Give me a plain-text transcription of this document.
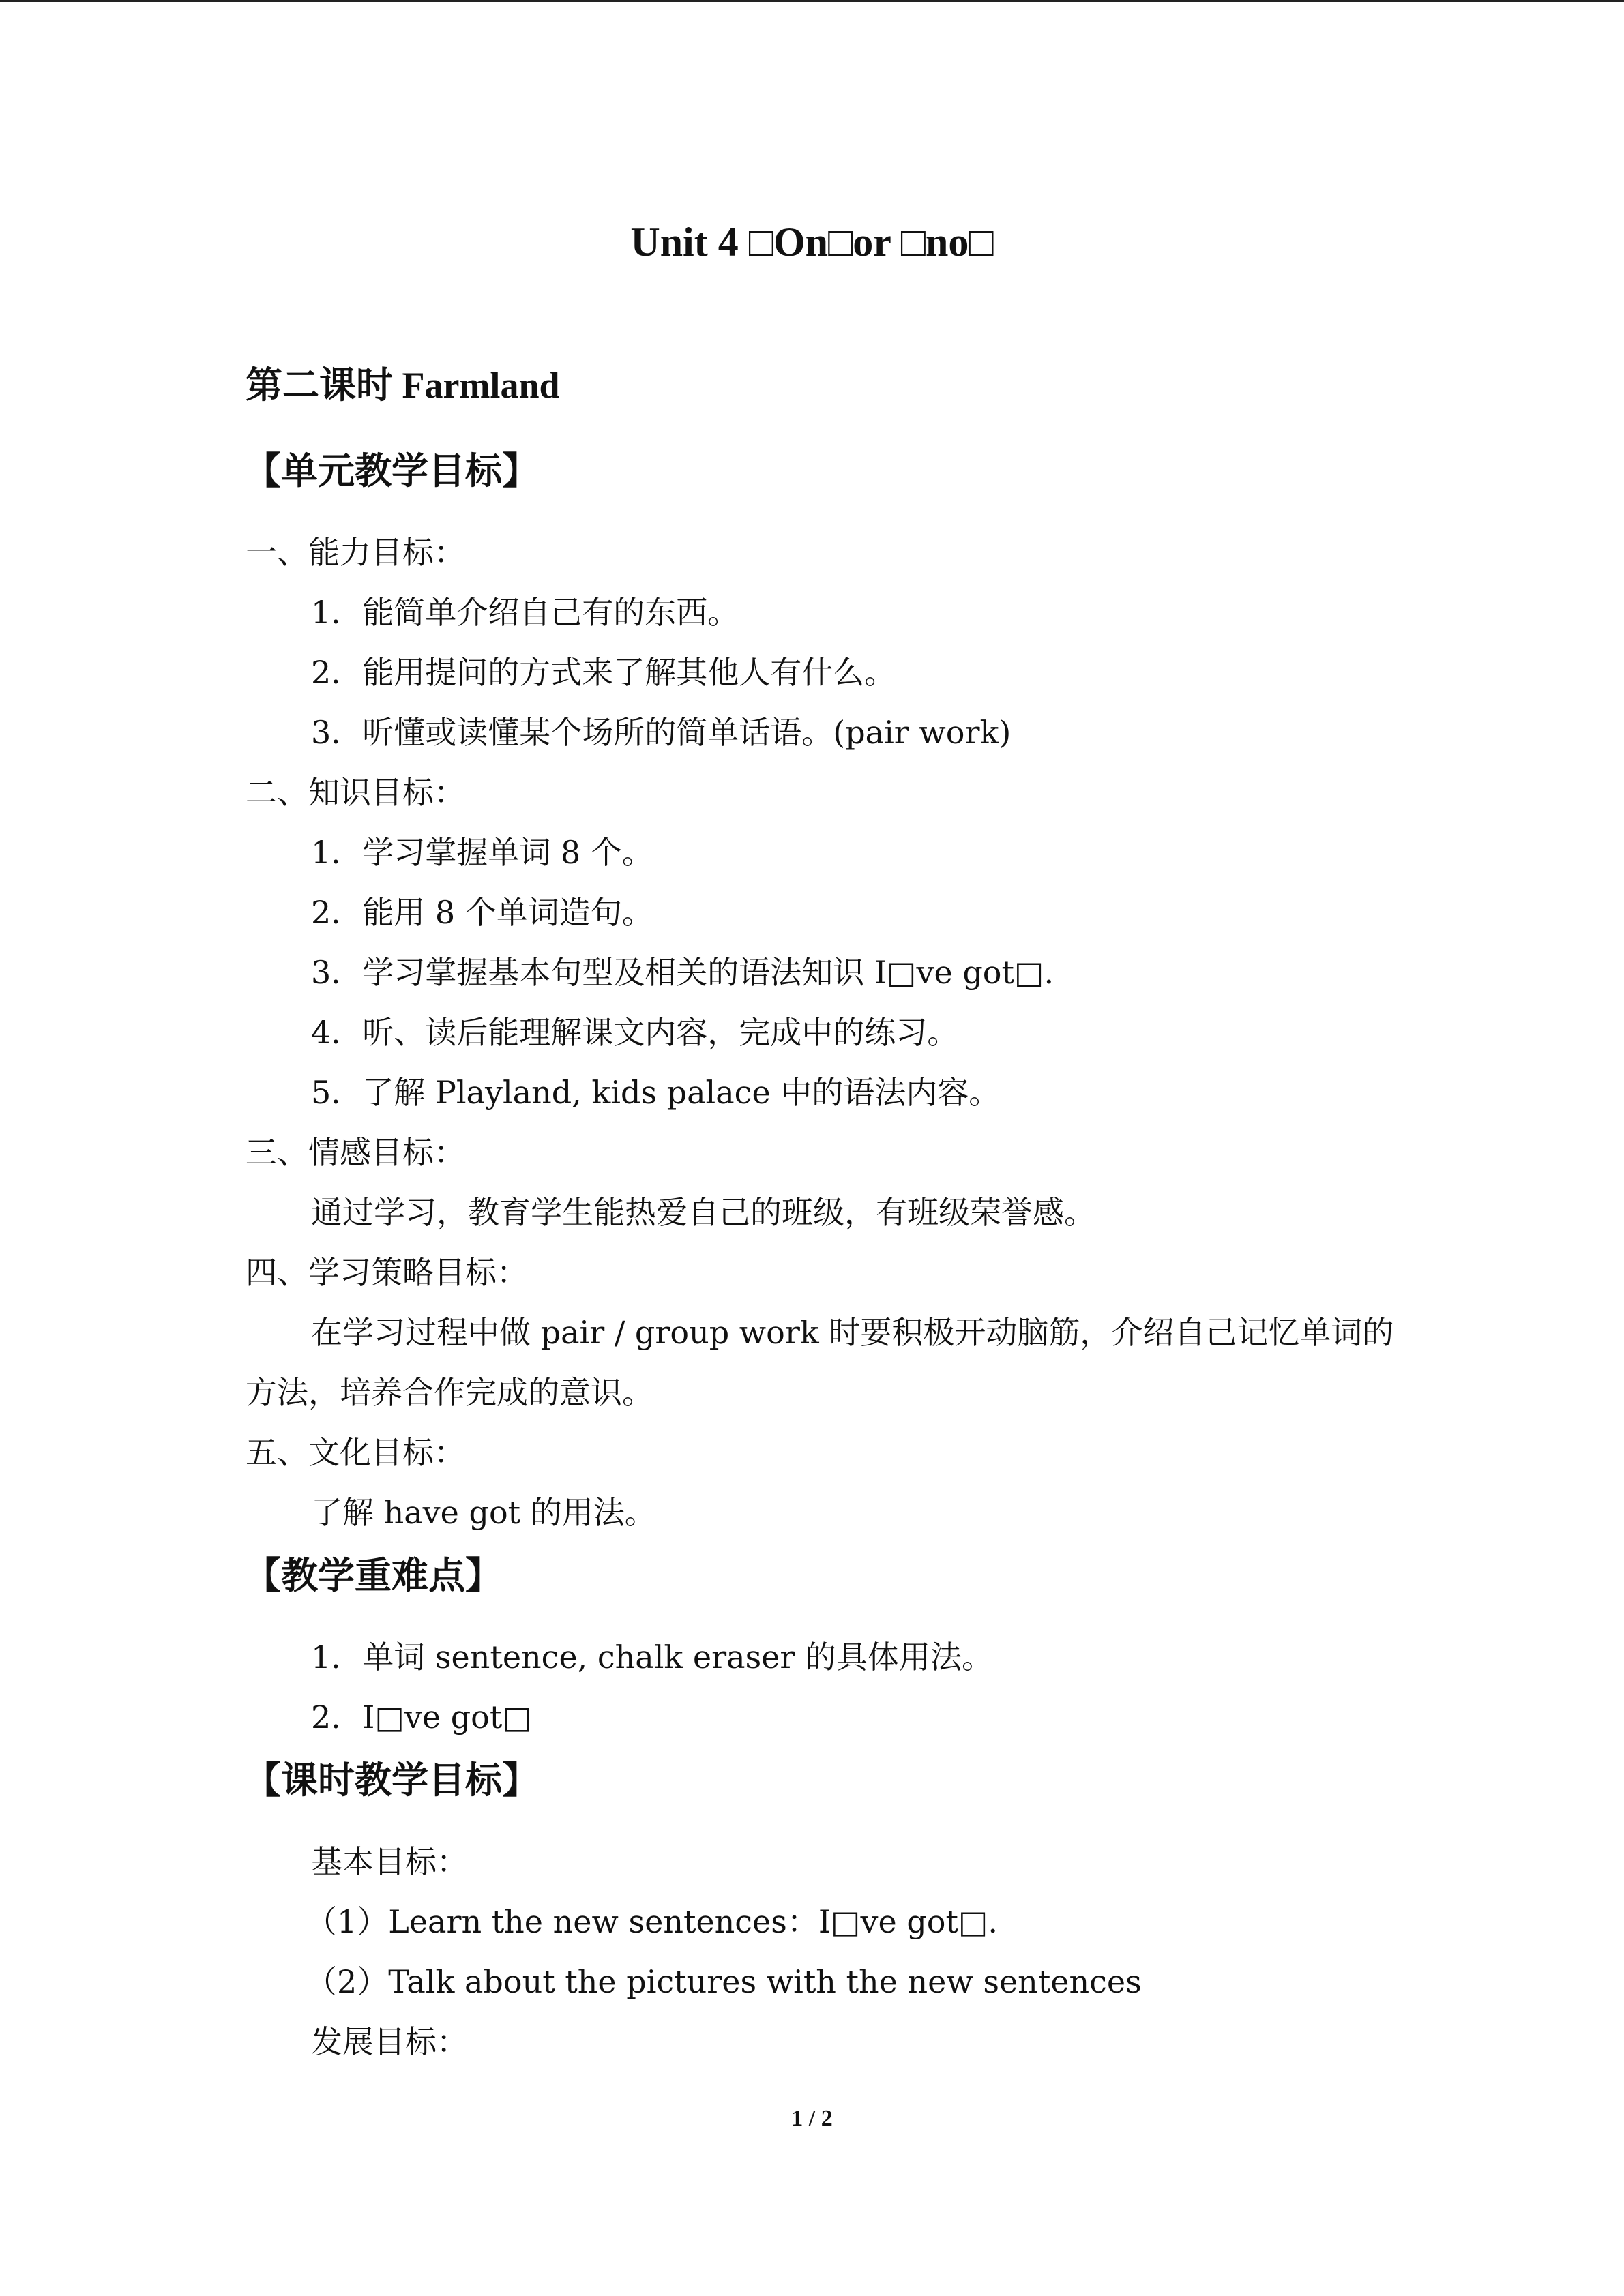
Unit 4 □On□or □no□
第二课时 Farmland
【单元教学目标】
一、能力目标：
1．能简单介绍自己有的东西。
2．能用提问的方式来了解其他人有什么。
3．听懂或读懂某个场所的简单话语。(pair work)
二、知识目标：
1．学习掌握单词 8 个。
2．能用 8 个单词造句。
3．学习掌握基本句型及相关的语法知识 I□ve got□.
4．听、读后能理解课文内容，完成中的练习。
5．了解 Playland, kids palace 中的语法内容。
三、情感目标：
通过学习，教育学生能热爱自己的班级，有班级荣誉感。
四、学习策略目标：
在学习过程中做 pair / group work 时要积极开动脑筋，介绍自己记忆单词的方法，培养合作完成的意识。
五、文化目标：
了解 have got 的用法。
【教学重难点】
1．单词 sentence, chalk eraser 的具体用法。
2．I□ve got□
【课时教学目标】
基本目标：
（1）Learn the new sentences：I□ve got□.
（2）Talk about the pictures with the new sentences
发展目标：
1 / 2
